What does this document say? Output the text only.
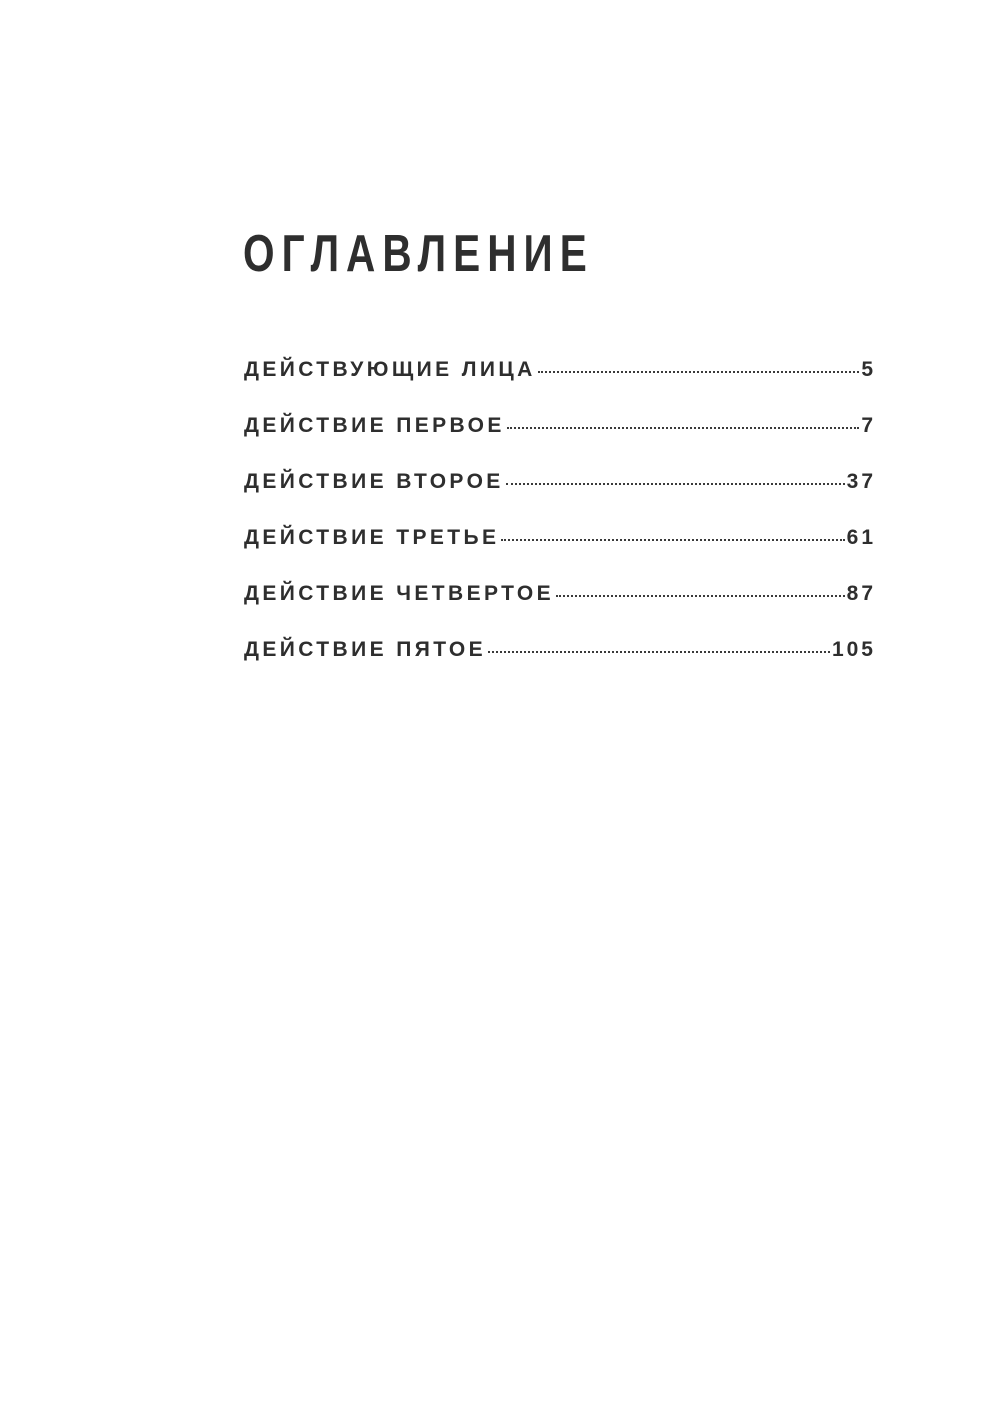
ОГЛАВЛЕНИЕ
ДЕЙСТВУЮЩИЕ ЛИЦА	5
ДЕЙСТВИЕ ПЕРВОЕ	7
ДЕЙСТВИЕ ВТОРОЕ	37
ДЕЙСТВИЕ ТРЕТЬЕ	61
ДЕЙСТВИЕ ЧЕТВЕРТОЕ	87
ДЕЙСТВИЕ ПЯТОЕ	105
